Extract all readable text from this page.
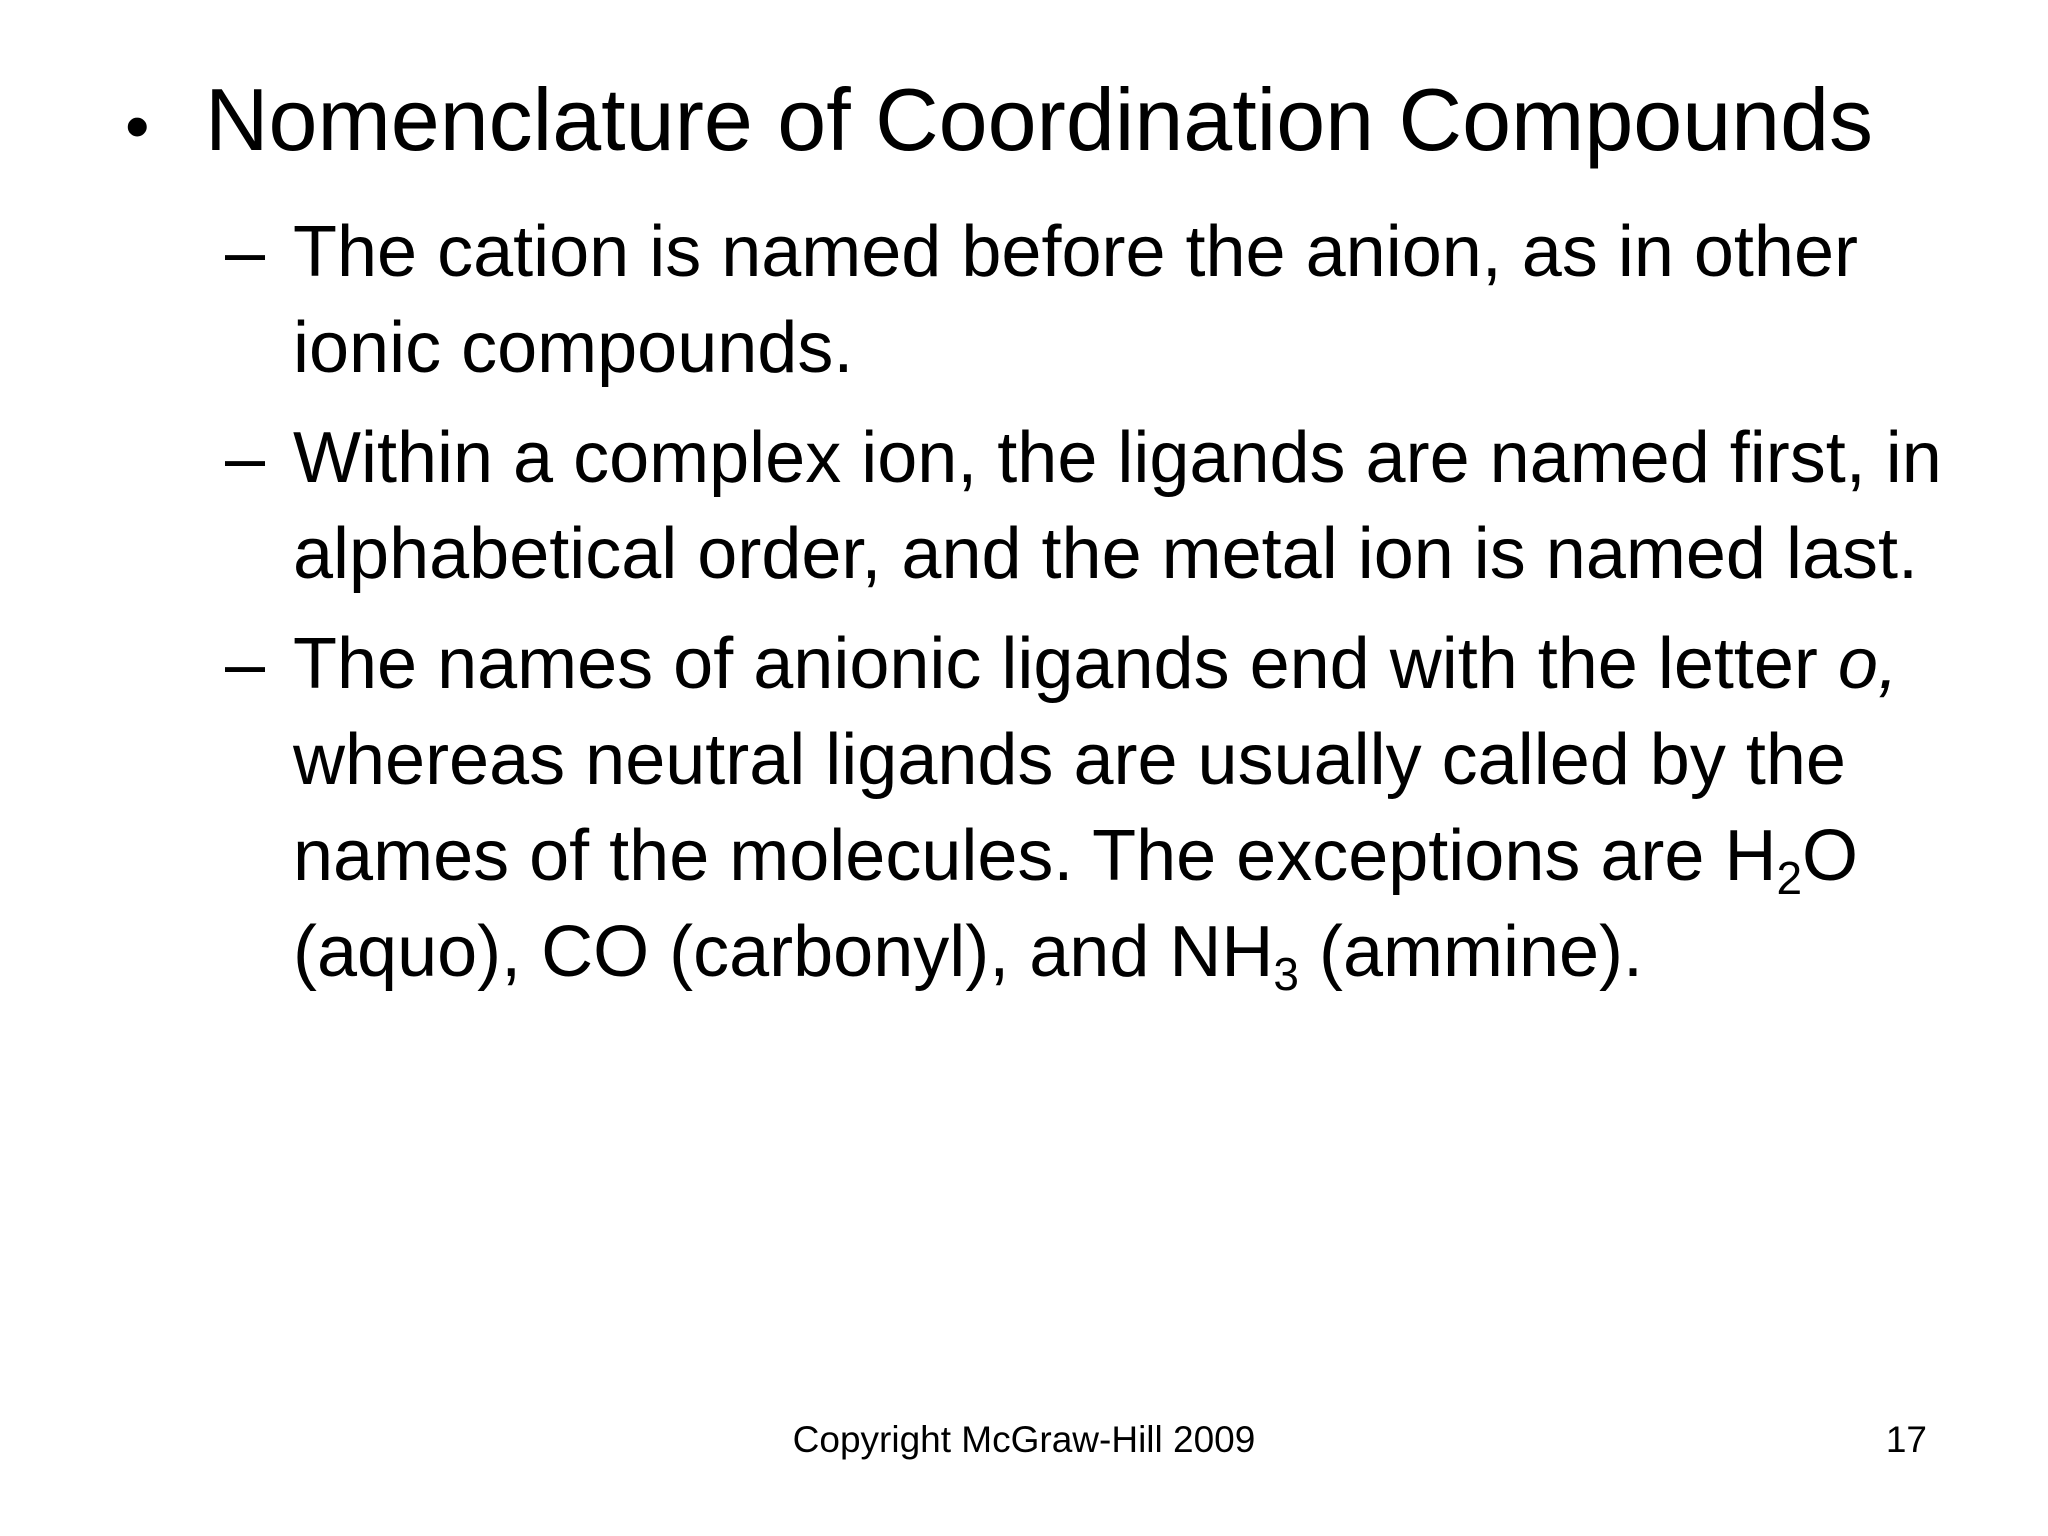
• Nomenclature of Coordination Compounds
– The cation is named before the anion, as in other ionic compounds.
– Within a complex ion, the ligands are named first, in alphabetical order, and the metal ion is named last.
– The names of anionic ligands end with the letter o, whereas neutral ligands are usually called by the names of the molecules. The exceptions are $H_2O$ (aquo), CO (carbonyl), and $NH_3$ (ammine).
Copyright McGraw-Hill 2009	17
